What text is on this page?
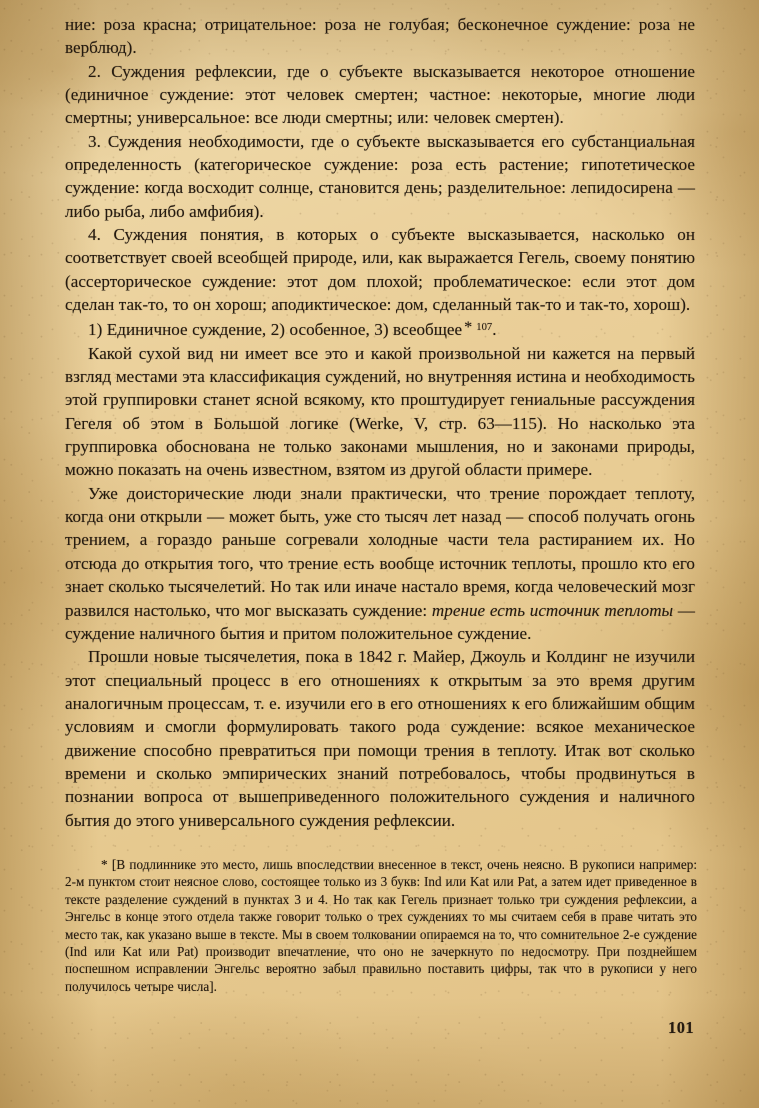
ние: роза красна; отрицательное: роза не голубая; бесконечное суждение: роза не верблюд).

2. Суждения рефлексии, где о субъекте высказывается некоторое отношение (единичное суждение: этот человек смертен; частное: некоторые, многие люди смертны; универсальное: все люди смертны; или: человек смертен).

3. Суждения необходимости, где о субъекте высказывается его субстанциальная определенность (категорическое суждение: роза есть растение; гипотетическое суждение: когда восходит солнце, становится день; разделительное: лепидосирена — либо рыба, либо амфибия).

4. Суждения понятия, в которых о субъекте высказывается, насколько он соответствует своей всеобщей природе, или, как выражается Гегель, своему понятию (ассерторическое суждение: этот дом плохой; проблематическое: если этот дом сделан так-то, то он хорош; аподиктическое: дом, сделанный так-то и так-то, хорош).

1) Единичное суждение, 2) особенное, 3) всеобщее * $^{107}$.

Какой сухой вид ни имеет все это и какой произвольной ни кажется на первый взгляд местами эта классификация суждений, но внутренняя истина и необходимость этой группировки станет ясной всякому, кто проштудирует гениальные рассуждения Гегеля об этом в Большой логике (Werke, V, стр. 63—115). Но насколько эта группировка обоснована не только законами мышления, но и законами природы, можно показать на очень известном, взятом из другой области примере.

Уже доисторические люди знали практически, что трение порождает теплоту, когда они открыли — может быть, уже сто тысяч лет назад — способ получать огонь трением, а гораздо раньше согревали холодные части тела растиранием их. Но отсюда до открытия того, что трение есть вообще источник теплоты, прошло кто его знает сколько тысячелетий. Но так или иначе настало время, когда человеческий мозг развился настолько, что мог высказать суждение: трение есть источник теплоты — суждение наличного бытия и притом положительное суждение.

Прошли новые тысячелетия, пока в 1842 г. Майер, Джоуль и Колдинг не изучили этот специальный процесс в его отношениях к открытым за это время другим аналогичным процессам, т. е. изучили его в его отношениях к его ближайшим общим условиям и смогли формулировать такого рода суждение: всякое механическое движение способно превратиться при помощи трения в теплоту. Итак вот сколько времени и сколько эмпирических знаний потребовалось, чтобы продвинуться в познании вопроса от вышеприведенного положительного суждения и наличного бытия до этого универсального суждения рефлексии.

* [В подлиннике это место, лишь впоследствии внесенное в текст, очень неясно. В рукописи например: 2-м пунктом стоит неясное слово, состоящее только из 3 букв: Ind или Kat или Pat, а затем идет приведенное в тексте разделение суждений в пунктах 3 и 4. Но так как Гегель признает только три суждения рефлексии, а Энгельс в конце этого отдела также говорит только о трех суждениях то мы считаем себя в праве читать это место так, как указано выше в тексте. Мы в своем толковании опираемся на то, что сомнительное 2-е суждение (Ind или Kat или Pat) производит впечатление, что оно не зачеркнуто по недосмотру. При позднейшем поспешном исправлении Энгельс вероятно забыл правильно поставить цифры, так что в рукописи у него получилось четыре числа].

101
